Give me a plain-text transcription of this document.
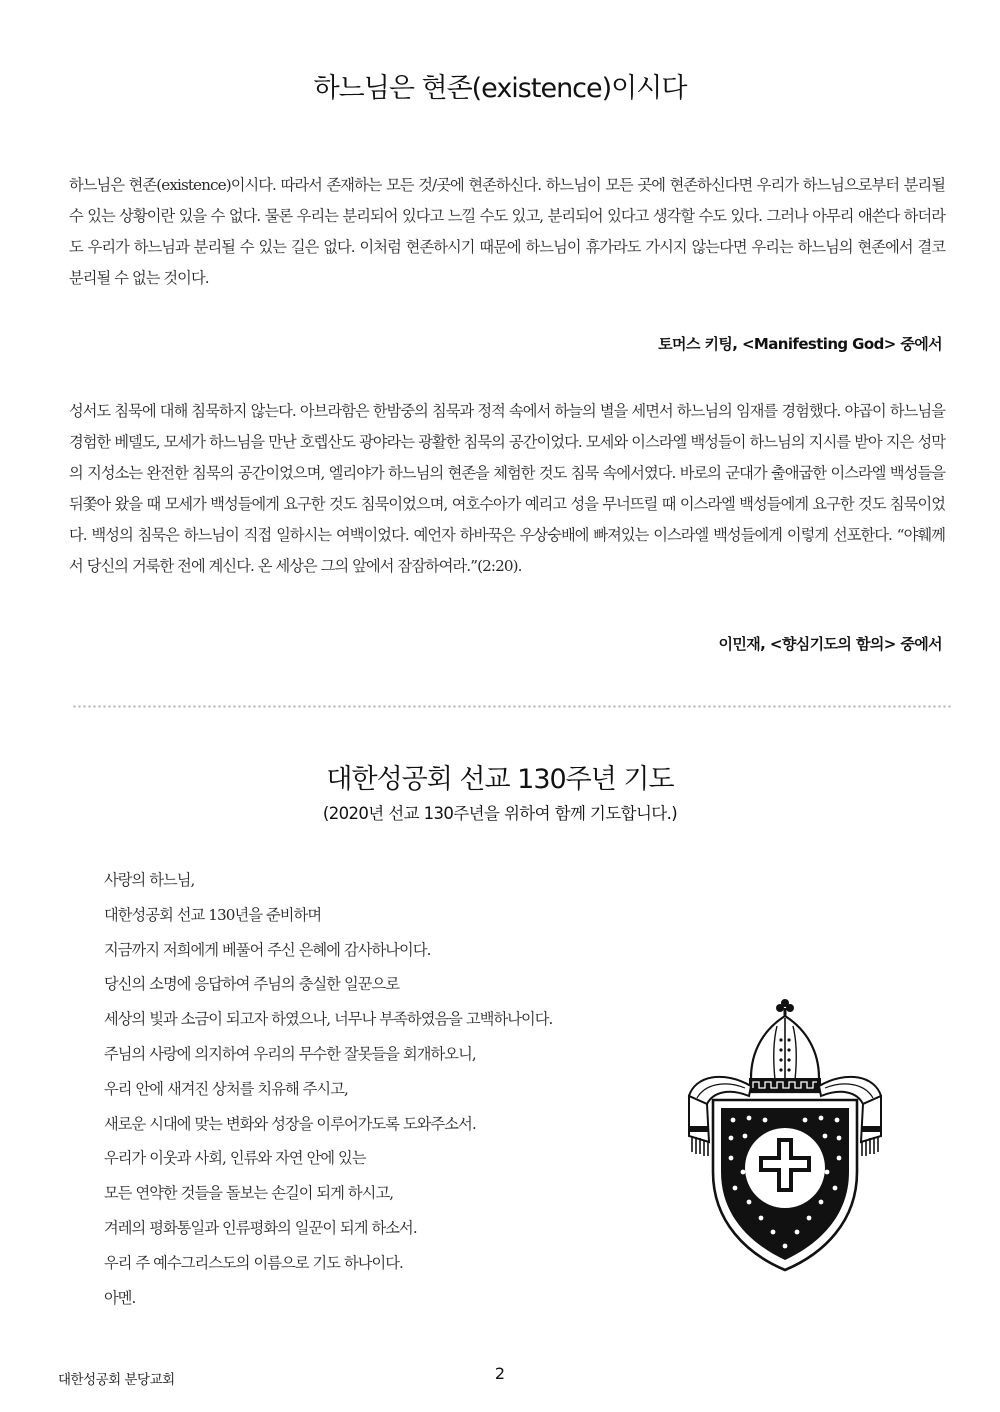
하느님은 현존(existence)이시다

하느님은 현존(existence)이시다. 따라서 존재하는 모든 것/곳에 현존하신다. 하느님이 모든 곳에 현존하신다면 우리가 하느님으로부터 분리될 수 있는 상황이란 있을 수 없다. 물론 우리는 분리되어 있다고 느낄 수도 있고, 분리되어 있다고 생각할 수도 있다. 그러나 아무리 애쓴다 하더라도 우리가 하느님과 분리될 수 있는 길은 없다. 이처럼 현존하시기 때문에 하느님이 휴가라도 가시지 않는다면 우리는 하느님의 현존에서 결코 분리될 수 없는 것이다.

토머스 키팅, <Manifesting God> 중에서

성서도 침묵에 대해 침묵하지 않는다. 아브라함은 한밤중의 침묵과 정적 속에서 하늘의 별을 세면서 하느님의 임재를 경험했다. 야곱이 하느님을 경험한 베델도, 모세가 하느님을 만난 호렙산도 광야라는 광활한 침묵의 공간이었다. 모세와 이스라엘 백성들이 하느님의 지시를 받아 지은 성막의 지성소는 완전한 침묵의 공간이었으며, 엘리야가 하느님의 현존을 체험한 것도 침묵 속에서였다. 바로의 군대가 출애굽한 이스라엘 백성들을 뒤쫓아 왔을 때 모세가 백성들에게 요구한 것도 침묵이었으며, 여호수아가 예리고 성을 무너뜨릴 때 이스라엘 백성들에게 요구한 것도 침묵이었다. 백성의 침묵은 하느님이 직접 일하시는 여백이었다. 예언자 하바꾹은 우상숭배에 빠져있는 이스라엘 백성들에게 이렇게 선포한다. “야훼께서 당신의 거룩한 전에 계신다. 온 세상은 그의 앞에서 잠잠하여라.”(2:20).

이민재, <향심기도의 함의> 중에서

대한성공회 선교 130주년 기도
(2020년 선교 130주년을 위하여 함께 기도합니다.)
사랑의 하느님,
대한성공회 선교 130년을 준비하며
지금까지 저희에게 베풀어 주신 은혜에 감사하나이다.
당신의 소명에 응답하여 주님의 충실한 일꾼으로
세상의 빛과 소금이 되고자 하였으나, 너무나 부족하였음을 고백하나이다.
주님의 사랑에 의지하여 우리의 무수한 잘못들을 회개하오니,
우리 안에 새겨진 상처를 치유해 주시고,
새로운 시대에 맞는 변화와 성장을 이루어가도록 도와주소서.
우리가 이웃과 사회, 인류와 자연 안에 있는
모든 연약한 것들을 돌보는 손길이 되게 하시고,
겨레의 평화통일과 인류평화의 일꾼이 되게 하소서.
우리 주 예수그리스도의 이름으로 기도 하나이다.
아멘.
대한성공회 분당교회	2
